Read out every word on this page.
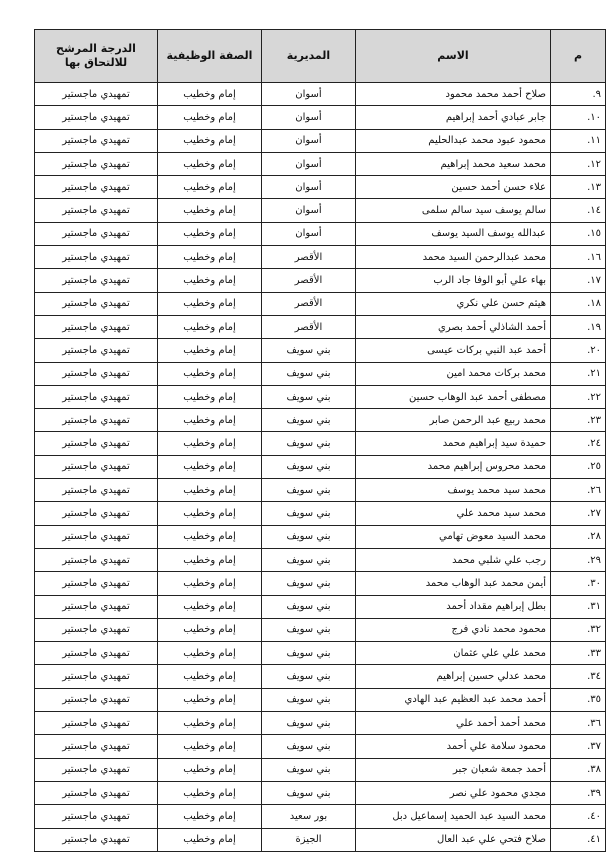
م	الاسم	المديرية	الصفة الوظيفية	الدرجة المرشح للالتحاق بها
٩.	صلاح أحمد محمد محمود	أسوان	إمام وخطيب	تمهيدي ماجستير
١٠.	جابر عبادي أحمد إبراهيم	أسوان	إمام وخطيب	تمهيدي ماجستير
١١.	محمود عبود محمد عبدالحليم	أسوان	إمام وخطيب	تمهيدي ماجستير
١٢.	محمد سعيد محمد إبراهيم	أسوان	إمام وخطيب	تمهيدي ماجستير
١٣.	علاء حسن أحمد حسين	أسوان	إمام وخطيب	تمهيدي ماجستير
١٤.	سالم يوسف سيد سالم سلمى	أسوان	إمام وخطيب	تمهيدي ماجستير
١٥.	عبدالله يوسف السيد يوسف	أسوان	إمام وخطيب	تمهيدي ماجستير
١٦.	محمد عبدالرحمن السيد محمد	الأقصر	إمام وخطيب	تمهيدي ماجستير
١٧.	بهاء علي أبو الوفا جاد الرب	الأقصر	إمام وخطيب	تمهيدي ماجستير
١٨.	هيثم حسن علي نكري	الأقصر	إمام وخطيب	تمهيدي ماجستير
١٩.	أحمد الشاذلي أحمد بصري	الأقصر	إمام وخطيب	تمهيدي ماجستير
٢٠.	أحمد عبد النبي بركات عيسى	بني سويف	إمام وخطيب	تمهيدي ماجستير
٢١.	محمد بركات محمد امين	بني سويف	إمام وخطيب	تمهيدي ماجستير
٢٢.	مصطفى أحمد عبد الوهاب حسين	بني سويف	إمام وخطيب	تمهيدي ماجستير
٢٣.	محمد ربيع عبد الرحمن صابر	بني سويف	إمام وخطيب	تمهيدي ماجستير
٢٤.	حميدة سيد إبراهيم محمد	بني سويف	إمام وخطيب	تمهيدي ماجستير
٢٥.	محمد محروس إبراهيم محمد	بني سويف	إمام وخطيب	تمهيدي ماجستير
٢٦.	محمد سيد محمد يوسف	بني سويف	إمام وخطيب	تمهيدي ماجستير
٢٧.	محمد سيد محمد علي	بني سويف	إمام وخطيب	تمهيدي ماجستير
٢٨.	محمد السيد معوض تهامي	بني سويف	إمام وخطيب	تمهيدي ماجستير
٢٩.	رجب علي شلبي محمد	بني سويف	إمام وخطيب	تمهيدي ماجستير
٣٠.	أيمن محمد عبد الوهاب محمد	بني سويف	إمام وخطيب	تمهيدي ماجستير
٣١.	بطل إبراهيم مقداد أحمد	بني سويف	إمام وخطيب	تمهيدي ماجستير
٣٢.	محمود محمد نادي فرج	بني سويف	إمام وخطيب	تمهيدي ماجستير
٣٣.	محمد علي علي عثمان	بني سويف	إمام وخطيب	تمهيدي ماجستير
٣٤.	محمد عدلي حسين إبراهيم	بني سويف	إمام وخطيب	تمهيدي ماجستير
٣٥.	أحمد محمد عبد العظيم عبد الهادي	بني سويف	إمام وخطيب	تمهيدي ماجستير
٣٦.	محمد أحمد أحمد علي	بني سويف	إمام وخطيب	تمهيدي ماجستير
٣٧.	محمود سلامة علي أحمد	بني سويف	إمام وخطيب	تمهيدي ماجستير
٣٨.	أحمد جمعة شعبان جبر	بني سويف	إمام وخطيب	تمهيدي ماجستير
٣٩.	مجدي محمود علي نصر	بني سويف	إمام وخطيب	تمهيدي ماجستير
٤٠.	محمد السيد عبد الحميد إسماعيل دبل	بور سعيد	إمام وخطيب	تمهيدي ماجستير
٤١.	صلاح فتحي علي عبد العال	الجيزة	إمام وخطيب	تمهيدي ماجستير
